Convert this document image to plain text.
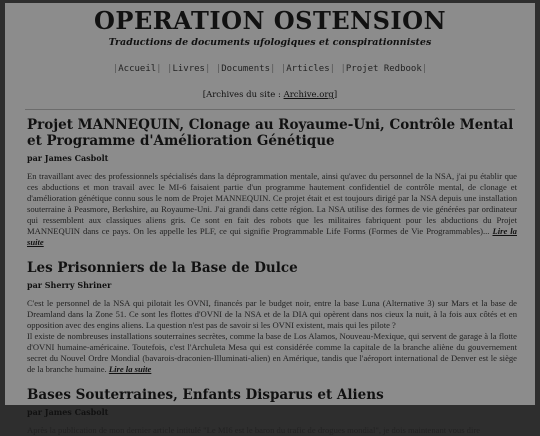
OPERATION OSTENSION
Traductions de documents ufologiques et conspirationnistes
|Accueil| |Livres| |Documents| |Articles| |Projet Redbook|
[Archives du site : Archive.org]
Projet MANNEQUIN, Clonage au Royaume-Uni, Contrôle Mental et Programme d'Amélioration Génétique
par James Casbolt
En travaillant avec des professionnels spécialisés dans la déprogrammation mentale, ainsi qu'avec du personnel de la NSA, j'ai pu établir que ces abductions et mon travail avec le MI-6 faisaient partie d'un programme hautement confidentiel de contrôle mental, de clonage et d'amélioration génétique connu sous le nom de Projet MANNEQUIN. Ce projet était et est toujours dirigé par la NSA depuis une installation souterraine à Peasmore, Berkshire, au Royaume-Uni. J'ai grandi dans cette région. La NSA utilise des formes de vie générées par ordinateur qui ressemblent aux classiques aliens gris. Ce sont en fait des robots que les militaires fabriquent pour les abductions du Projet MANNEQUIN dans ce pays. On les appelle les PLF, ce qui signifie Programmable Life Forms (Formes de Vie Programmables)... Lire la suite
Les Prisonniers de la Base de Dulce
par Sherry Shriner
C'est le personnel de la NSA qui pilotait les OVNI, financés par le budget noir, entre la base Luna (Alternative 3) sur Mars et la base de Dreamland dans la Zone 51. Ce sont les flottes d'OVNI de la NSA et de la DIA qui opèrent dans nos cieux la nuit, à la fois aux côtés et en opposition avec des engins aliens. La question n'est pas de savoir si les OVNI existent, mais qui les pilote ?
Il existe de nombreuses installations souterraines secrètes, comme la base de Los Alamos, Nouveau-Mexique, qui servent de garage à la flotte d'OVNI humaine-américaine. Toutefois, c'est l'Archuleta Mesa qui est considérée comme la capitale de la branche aliène du gouvernement secret du Nouvel Ordre Mondial (bavarois-draconien-Illuminati-alien) en Amérique, tandis que l'aéroport international de Denver est le siège de la branche humaine. Lire la suite
Bases Souterraines, Enfants Disparus et Aliens
par James Casbolt
Après la publication de mon dernier article intitulé "Le MI6 est le baron du trafic de drogues mondial", je dois maintenant vous dire
